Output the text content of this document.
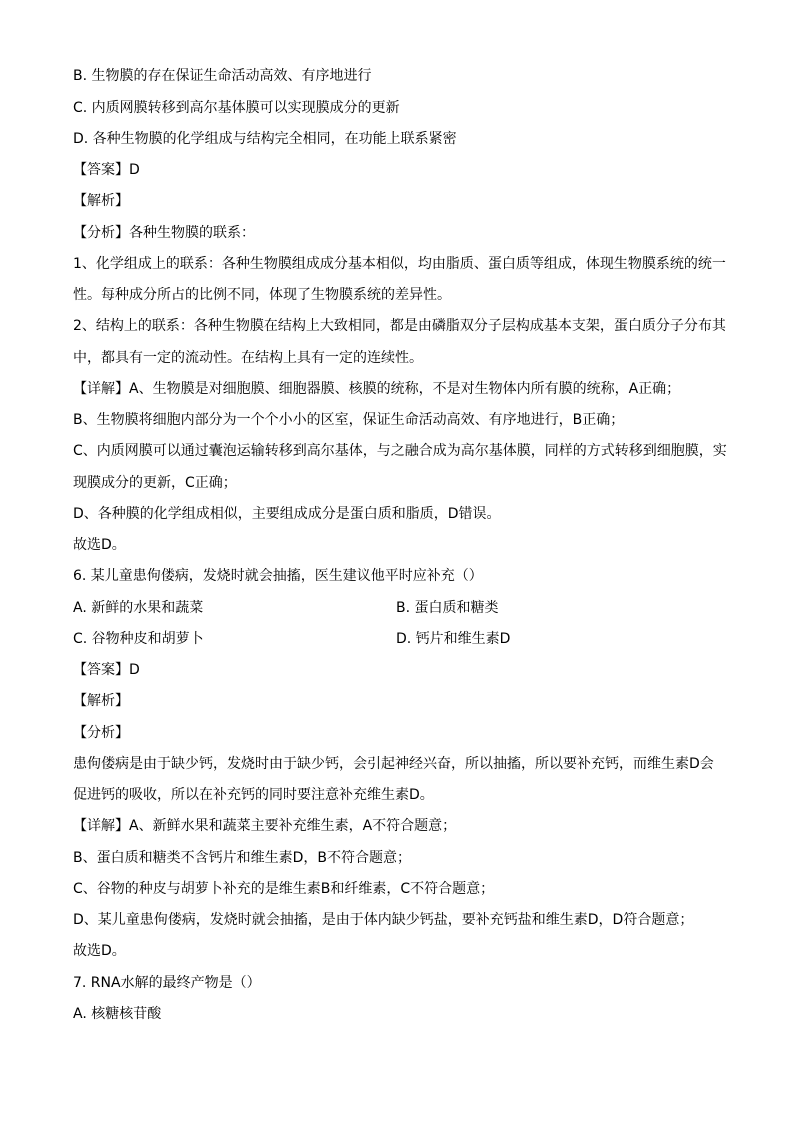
B. 生物膜的存在保证生命活动高效、有序地进行
C. 内质网膜转移到高尔基体膜可以实现膜成分的更新
D. 各种生物膜的化学组成与结构完全相同，在功能上联系紧密
【答案】D
【解析】
【分析】各种生物膜的联系：
1、化学组成上的联系：各种生物膜组成成分基本相似，均由脂质、蛋白质等组成，体现生物膜系统的统一
性。每种成分所占的比例不同，体现了生物膜系统的差异性。
2、结构上的联系：各种生物膜在结构上大致相同，都是由磷脂双分子层构成基本支架，蛋白质分子分布其
中，都具有一定的流动性。在结构上具有一定的连续性。
【详解】A、生物膜是对细胞膜、细胞器膜、核膜的统称，不是对生物体内所有膜的统称，A正确；
B、生物膜将细胞内部分为一个个小小的区室，保证生命活动高效、有序地进行，B正确；
C、内质网膜可以通过囊泡运输转移到高尔基体，与之融合成为高尔基体膜，同样的方式转移到细胞膜，实
现膜成分的更新，C正确；
D、各种膜的化学组成相似，主要组成成分是蛋白质和脂质，D错误。
故选D。
6. 某儿童患佝偻病，发烧时就会抽搐，医生建议他平时应补充（）
A. 新鲜的水果和蔬菜	B. 蛋白质和糖类
C. 谷物种皮和胡萝卜	D. 钙片和维生素D
【答案】D
【解析】
【分析】
患佝偻病是由于缺少钙，发烧时由于缺少钙，会引起神经兴奋，所以抽搐，所以要补充钙，而维生素D会
促进钙的吸收，所以在补充钙的同时要注意补充维生素D。
【详解】A、新鲜水果和蔬菜主要补充维生素，A不符合题意；
B、蛋白质和糖类不含钙片和维生素D，B不符合题意；
C、谷物的种皮与胡萝卜补充的是维生素B和纤维素，C不符合题意；
D、某儿童患佝偻病，发烧时就会抽搐，是由于体内缺少钙盐，要补充钙盐和维生素D，D符合题意；
故选D。
7. RNA水解的最终产物是（）
A. 核糖核苷酸
